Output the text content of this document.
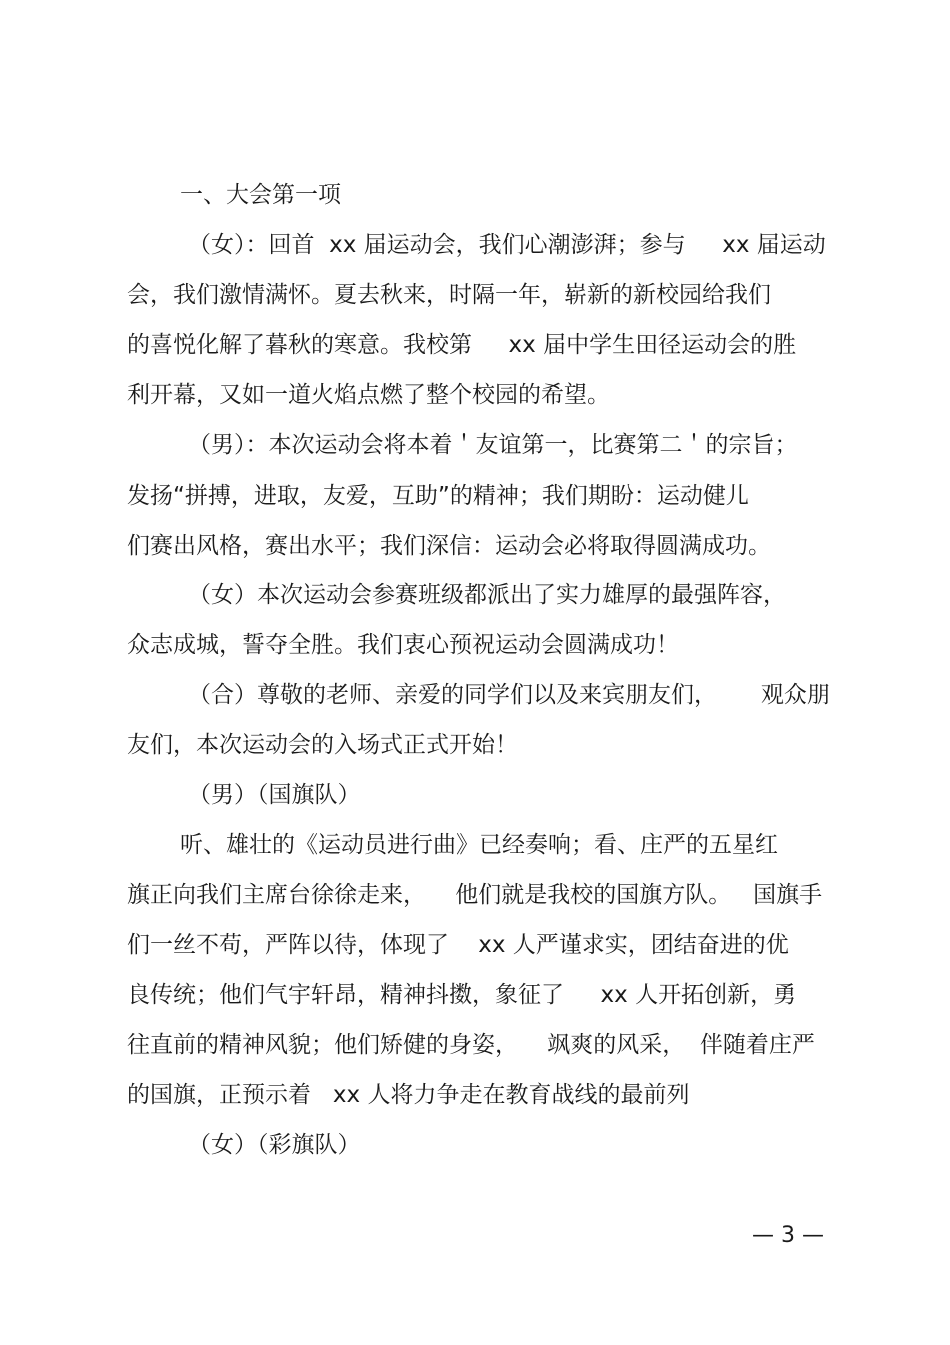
一、大会第一项
（女）：回首  xx 届运动会，我们心潮澎湃；参与     xx 届运动
会，我们激情满怀。夏去秋来，时隔一年，崭新的新校园给我们
的喜悦化解了暮秋的寒意。我校第     xx 届中学生田径运动会的胜
利开幕，又如一道火焰点燃了整个校园的希望。
（男）：本次运动会将本着＇友谊第一，比赛第二＇的宗旨；
发扬“拼搏，进取，友爱，互助”的精神；我们期盼：运动健儿
们赛出风格，赛出水平；我们深信：运动会必将取得圆满成功。
（女）本次运动会参赛班级都派出了实力雄厚的最强阵容，
众志成城，誓夺全胜。我们衷心预祝运动会圆满成功！
（合）尊敬的老师、亲爱的同学们以及来宾朋友们，      观众朋
友们，本次运动会的入场式正式开始！
（男）（国旗队）
听、雄壮的《运动员进行曲》已经奏响；看、庄严的五星红
旗正向我们主席台徐徐走来，    他们就是我校的国旗方队。   国旗手
们一丝不苟，严阵以待，体现了    xx 人严谨求实，团结奋进的优
良传统；他们气宇轩昂，精神抖擞，象征了     xx 人开拓创新，勇
往直前的精神风貌；他们矫健的身姿，    飒爽的风采，  伴随着庄严
的国旗，正预示着   xx 人将力争走在教育战线的最前列
（女）（彩旗队）
— 3 —
